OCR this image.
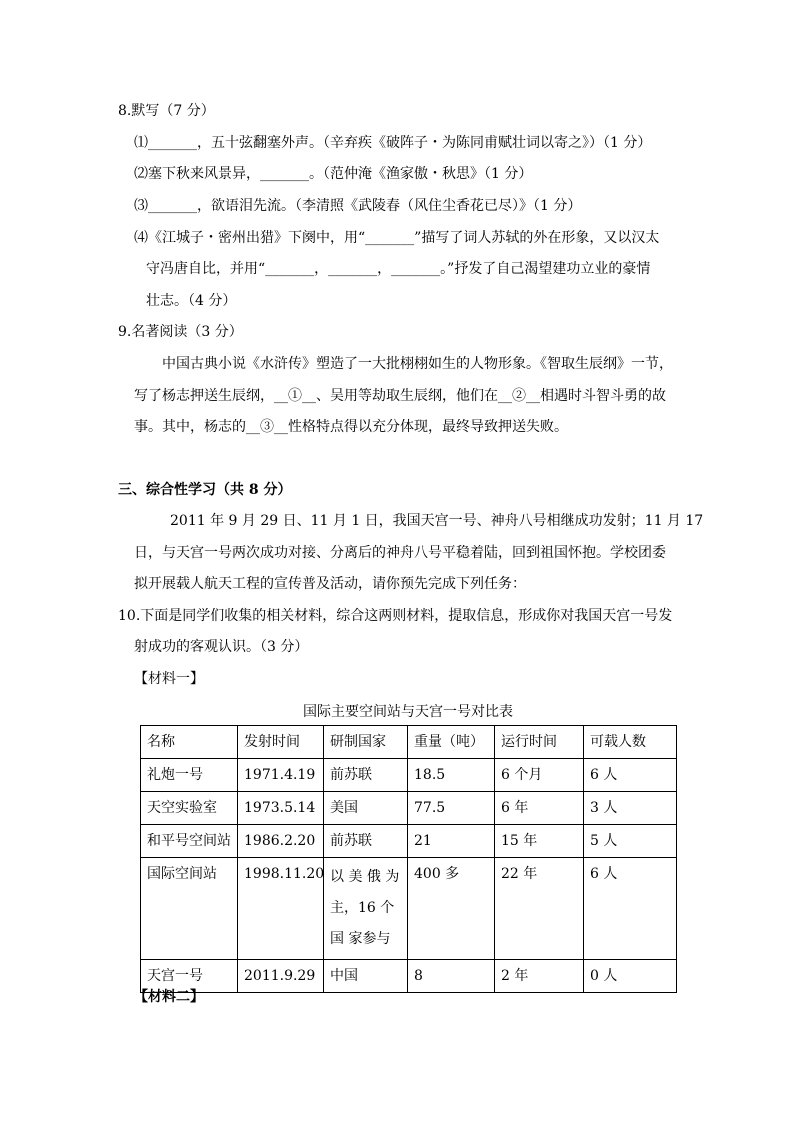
8.默写（7 分）
⑴_______，五十弦翻塞外声。（辛弃疾《破阵子・为陈同甫赋壮词以寄之》）（1 分）
⑵塞下秋来风景异，_______。（范仲淹《渔家傲・秋思》（1 分）
⑶_______，欲语泪先流。（李清照《武陵春（风住尘香花已尽）》（1 分）
⑷《江城子・密州出猎》下阕中，用“_______”描写了词人苏轼的外在形象，又以汉太
守冯唐自比，并用“_______，_______，_______。”抒发了自己渴望建功立业的豪情
壮志。（4 分）
9.名著阅读（3 分）
中国古典小说《水浒传》塑造了一大批栩栩如生的人物形象。《智取生辰纲》一节，
写了杨志押送生辰纲，__①__、吴用等劫取生辰纲，他们在__②__相遇时斗智斗勇的故
事。其中，杨志的__③__性格特点得以充分体现，最终导致押送失败。
三、综合性学习（共 8 分）
2011 年 9 月 29 日、11 月 1 日，我国天宫一号、神舟八号相继成功发射；11 月 17
日，与天宫一号两次成功对接、分离后的神舟八号平稳着陆，回到祖国怀抱。学校团委
拟开展载人航天工程的宣传普及活动，请你预先完成下列任务：
10.下面是同学们收集的相关材料，综合这两则材料，提取信息，形成你对我国天宫一号发
射成功的客观认识。（3 分）
【材料一】
国际主要空间站与天宫一号对比表
名称	发射时间	研制国家	重量（吨）	运行时间	可载人数
礼炮一号	1971.4.19	前苏联	18.5	6 个月	6 人
天空实验室	1973.5.14	美国	77.5	6 年	3 人
和平号空间站	1986.2.20	前苏联	21	15 年	5 人
国际空间站	1998.11.20	以 美 俄 为 主，16 个国 家参与	400 多	22 年	6 人
天宫一号	2011.9.29	中国	8	2 年	0 人
【材料二】
